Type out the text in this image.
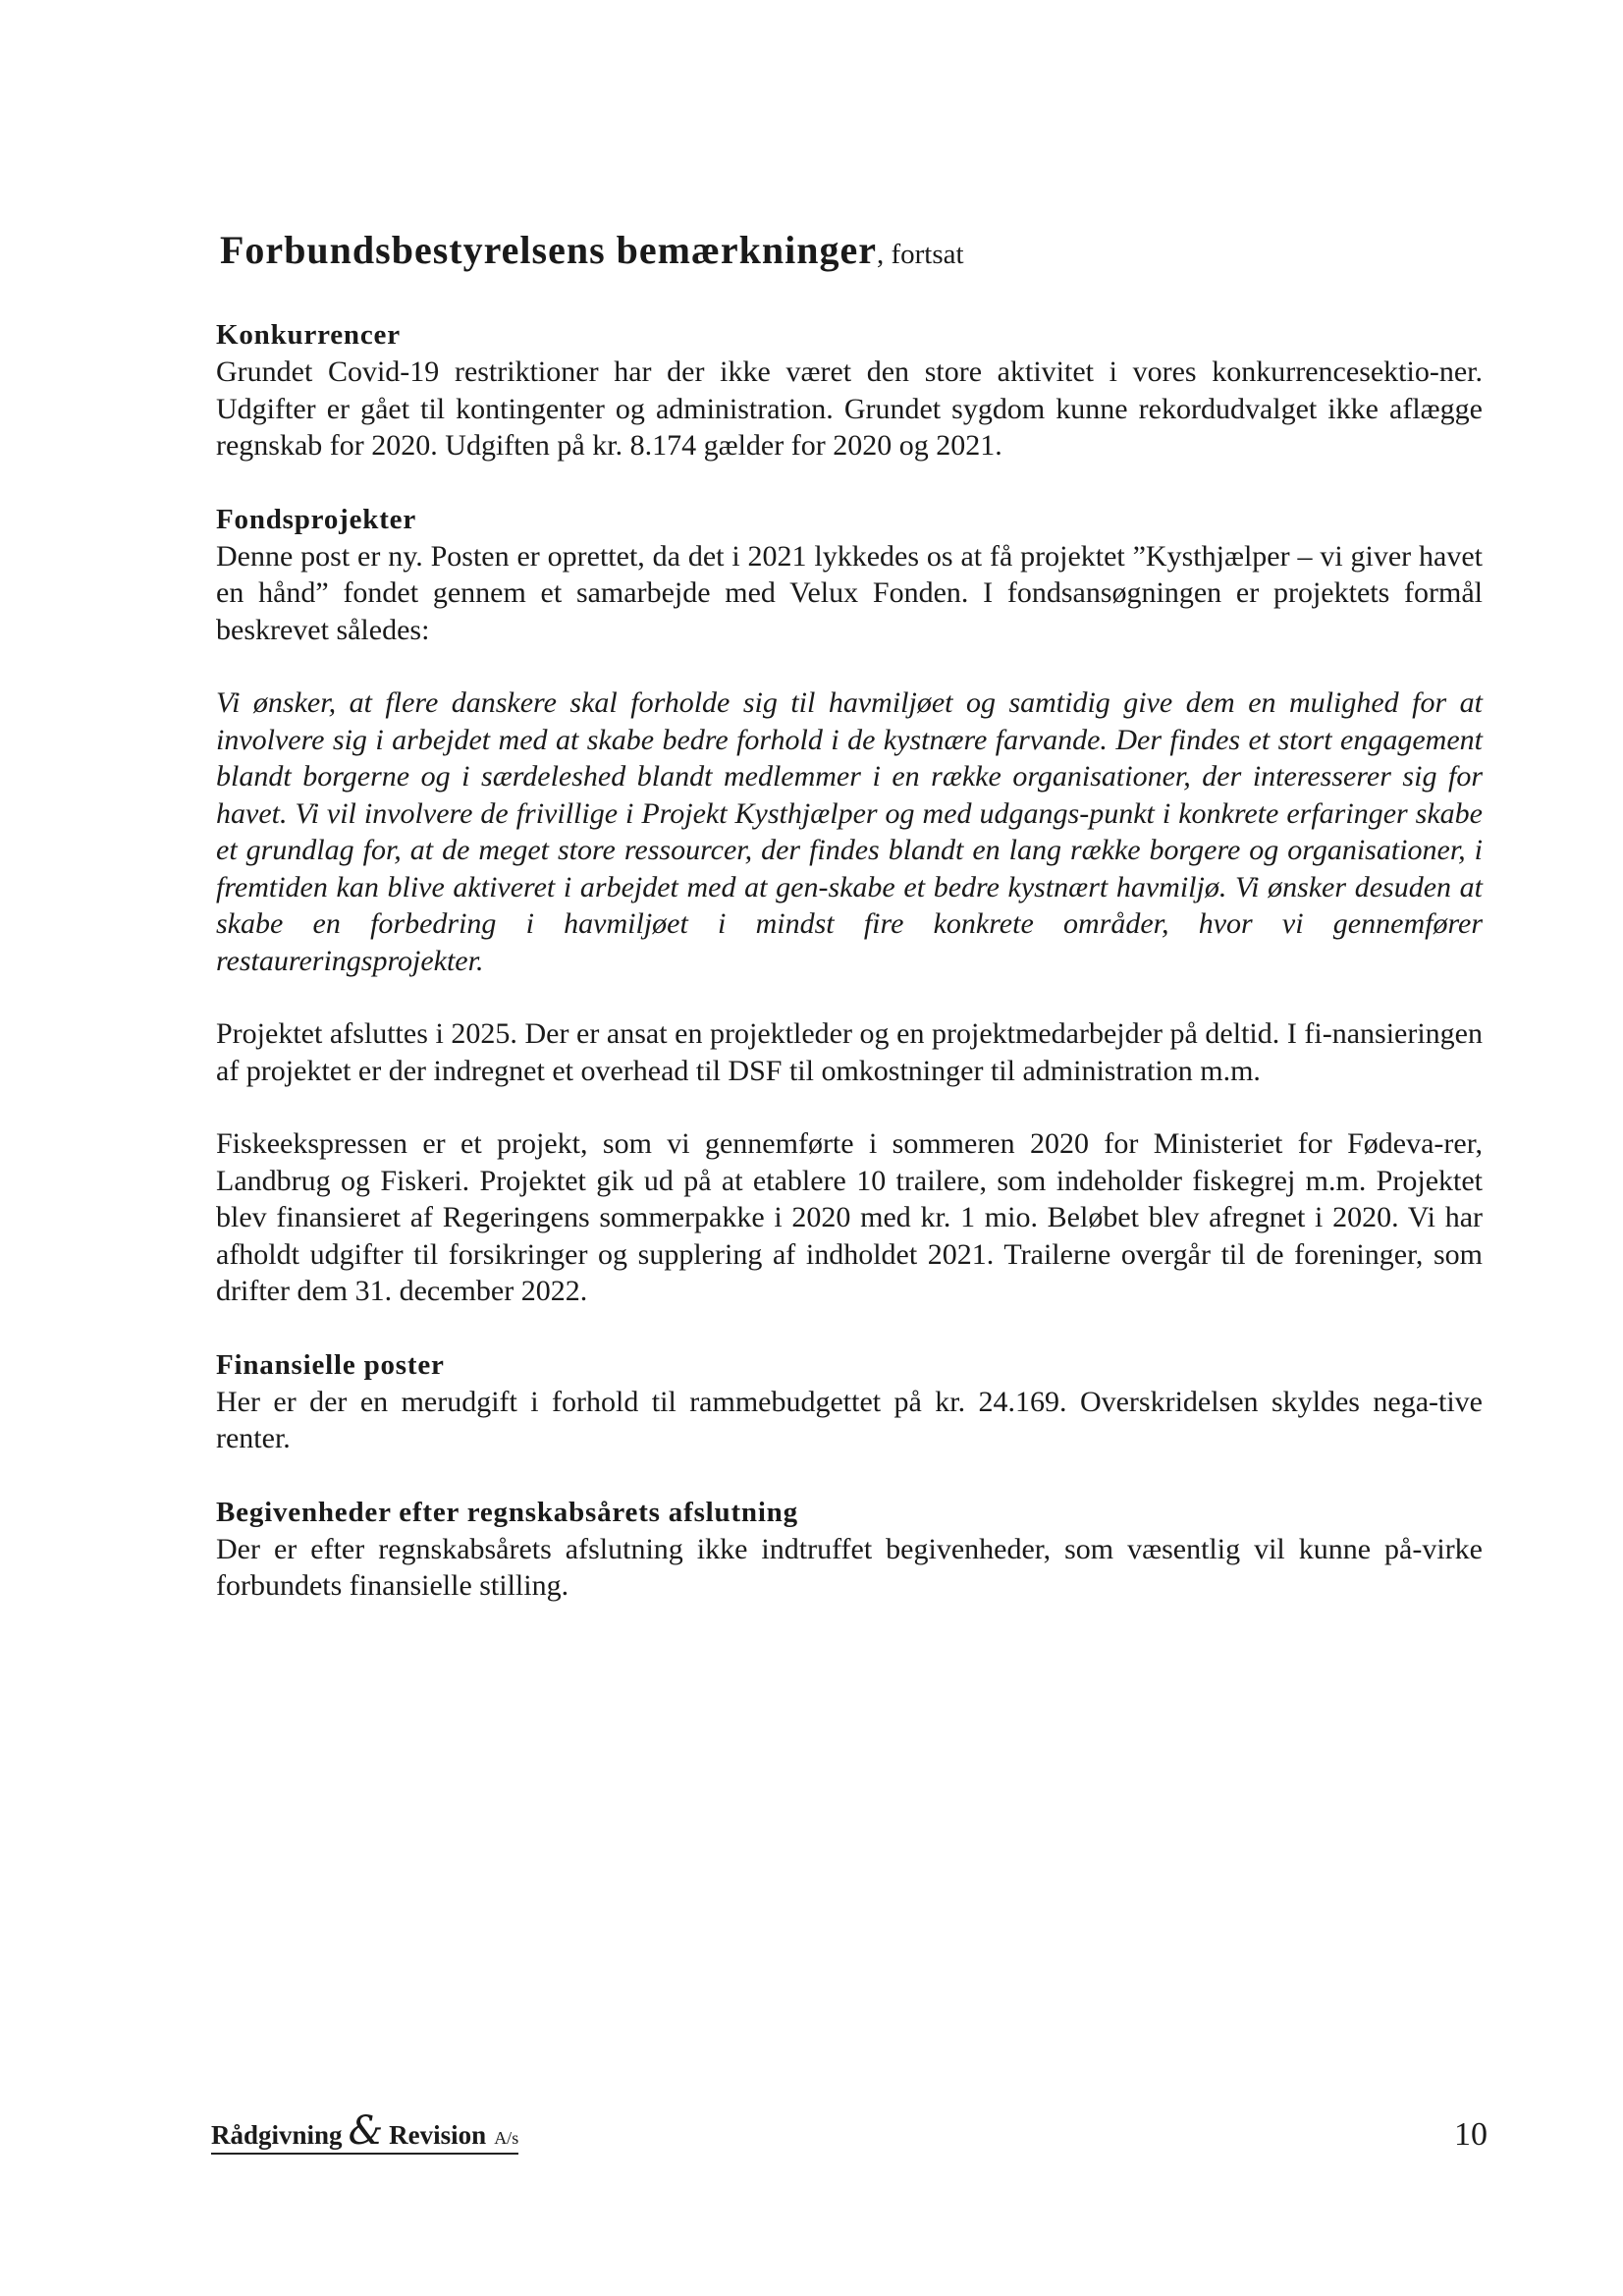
Forbundsbestyrelsens bemærkninger, fortsat
Konkurrencer

Grundet Covid-19 restriktioner har der ikke været den store aktivitet i vores konkurrencesektio-ner. Udgifter er gået til kontingenter og administration. Grundet sygdom kunne rekordudvalget ikke aflægge regnskab for 2020. Udgiften på kr. 8.174 gælder for 2020 og 2021.

Fondsprojekter

Denne post er ny. Posten er oprettet, da det i 2021 lykkedes os at få projektet ”Kysthjælper – vi giver havet en hånd” fondet gennem et samarbejde med Velux Fonden. I fondsansøgningen er projektets formål beskrevet således:

Vi ønsker, at flere danskere skal forholde sig til havmiljøet og samtidig give dem en mulighed for at involvere sig i arbejdet med at skabe bedre forhold i de kystnære farvande. Der findes et stort engagement blandt borgerne og i særdeleshed blandt medlemmer i en række organisationer, der interesserer sig for havet. Vi vil involvere de frivillige i Projekt Kysthjælper og med udgangs-punkt i konkrete erfaringer skabe et grundlag for, at de meget store ressourcer, der findes blandt en lang række borgere og organisationer, i fremtiden kan blive aktiveret i arbejdet med at gen-skabe et bedre kystnært havmiljø. Vi ønsker desuden at skabe en forbedring i havmiljøet i mindst fire konkrete områder, hvor vi gennemfører restaureringsprojekter.

Projektet afsluttes i 2025. Der er ansat en projektleder og en projektmedarbejder på deltid. I fi-nansieringen af projektet er der indregnet et overhead til DSF til omkostninger til administration m.m.

Fiskeekspressen er et projekt, som vi gennemførte i sommeren 2020 for Ministeriet for Fødeva-rer, Landbrug og Fiskeri. Projektet gik ud på at etablere 10 trailere, som indeholder fiskegrej m.m. Projektet blev finansieret af Regeringens sommerpakke i 2020 med kr. 1 mio. Beløbet blev afregnet i 2020. Vi har afholdt udgifter til forsikringer og supplering af indholdet 2021. Trailerne overgår til de foreninger, som drifter dem 31. december 2022.

Finansielle poster

Her er der en merudgift i forhold til rammebudgettet på kr. 24.169. Overskridelsen skyldes nega-tive renter.

Begivenheder efter regnskabsårets afslutning

Der er efter regnskabsårets afslutning ikke indtruffet begivenheder, som væsentlig vil kunne på-virke forbundets finansielle stilling.

Rådgivning & Revision A/s	10
